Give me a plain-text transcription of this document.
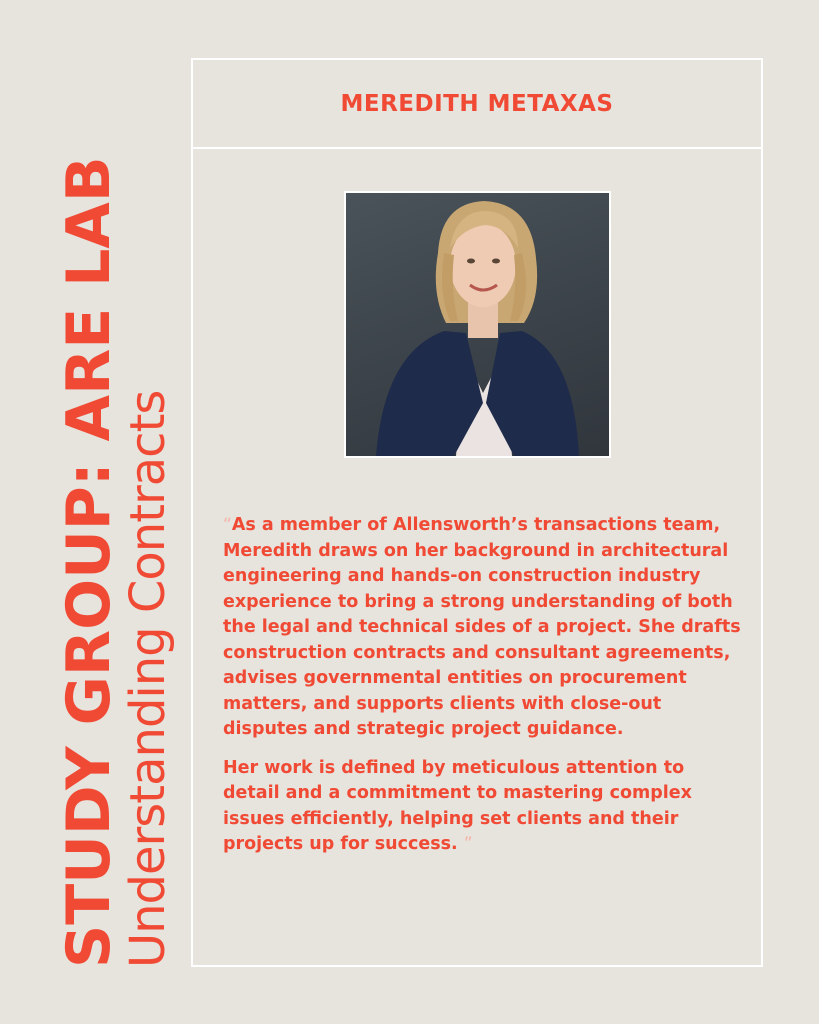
STUDY GROUP: ARE LAB
Understanding Contracts
MEREDITH METAXAS

“As a member of Allensworth’s transactions team, Meredith draws on her background in architectural engineering and hands-on construction industry experience to bring a strong understanding of both the legal and technical sides of a project. She drafts construction contracts and consultant agreements, advises governmental entities on procurement matters, and supports clients with close-out disputes and strategic project guidance.

Her work is defined by meticulous attention to detail and a commitment to mastering complex issues efficiently, helping set clients and their projects up for success. ”
